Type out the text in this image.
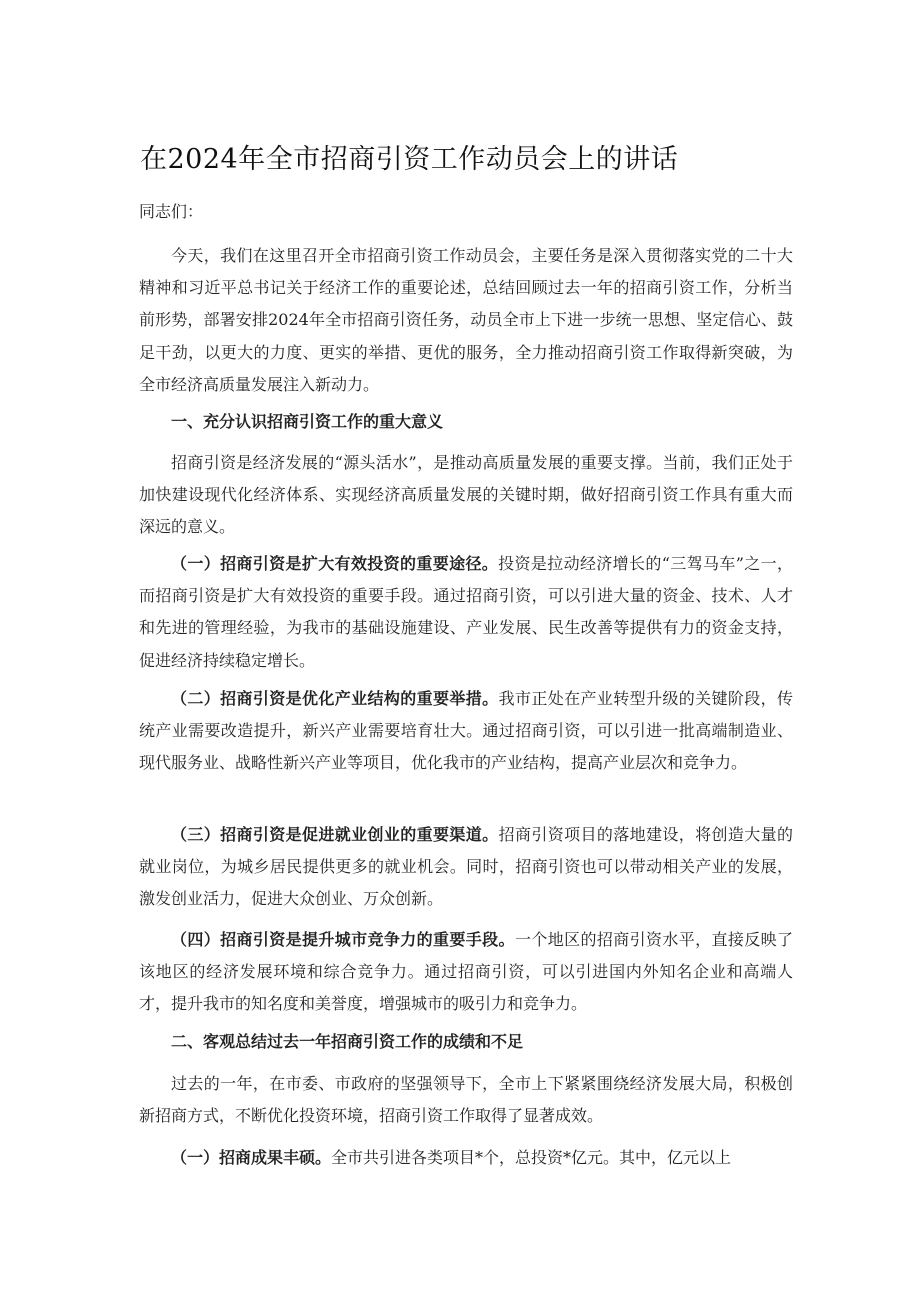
在2024年全市招商引资工作动员会上的讲话
同志们：

今天，我们在这里召开全市招商引资工作动员会，主要任务是深入贯彻落实党的二十大精神和习近平总书记关于经济工作的重要论述，总结回顾过去一年的招商引资工作，分析当前形势，部署安排2024年全市招商引资任务，动员全市上下进一步统一思想、坚定信心、鼓足干劲，以更大的力度、更实的举措、更优的服务，全力推动招商引资工作取得新突破，为全市经济高质量发展注入新动力。

一、充分认识招商引资工作的重大意义

招商引资是经济发展的“源头活水”，是推动高质量发展的重要支撑。当前，我们正处于加快建设现代化经济体系、实现经济高质量发展的关键时期，做好招商引资工作具有重大而深远的意义。

（一）招商引资是扩大有效投资的重要途径。投资是拉动经济增长的“三驾马车”之一，而招商引资是扩大有效投资的重要手段。通过招商引资，可以引进大量的资金、技术、人才和先进的管理经验，为我市的基础设施建设、产业发展、民生改善等提供有力的资金支持，促进经济持续稳定增长。

（二）招商引资是优化产业结构的重要举措。我市正处在产业转型升级的关键阶段，传统产业需要改造提升，新兴产业需要培育壮大。通过招商引资，可以引进一批高端制造业、现代服务业、战略性新兴产业等项目，优化我市的产业结构，提高产业层次和竞争力。

（三）招商引资是促进就业创业的重要渠道。招商引资项目的落地建设，将创造大量的就业岗位，为城乡居民提供更多的就业机会。同时，招商引资也可以带动相关产业的发展，激发创业活力，促进大众创业、万众创新。

（四）招商引资是提升城市竞争力的重要手段。一个地区的招商引资水平，直接反映了该地区的经济发展环境和综合竞争力。通过招商引资，可以引进国内外知名企业和高端人才，提升我市的知名度和美誉度，增强城市的吸引力和竞争力。

二、客观总结过去一年招商引资工作的成绩和不足

过去的一年，在市委、市政府的坚强领导下，全市上下紧紧围绕经济发展大局，积极创新招商方式，不断优化投资环境，招商引资工作取得了显著成效。

（一）招商成果丰硕。全市共引进各类项目*个，总投资*亿元。其中，亿元以上
